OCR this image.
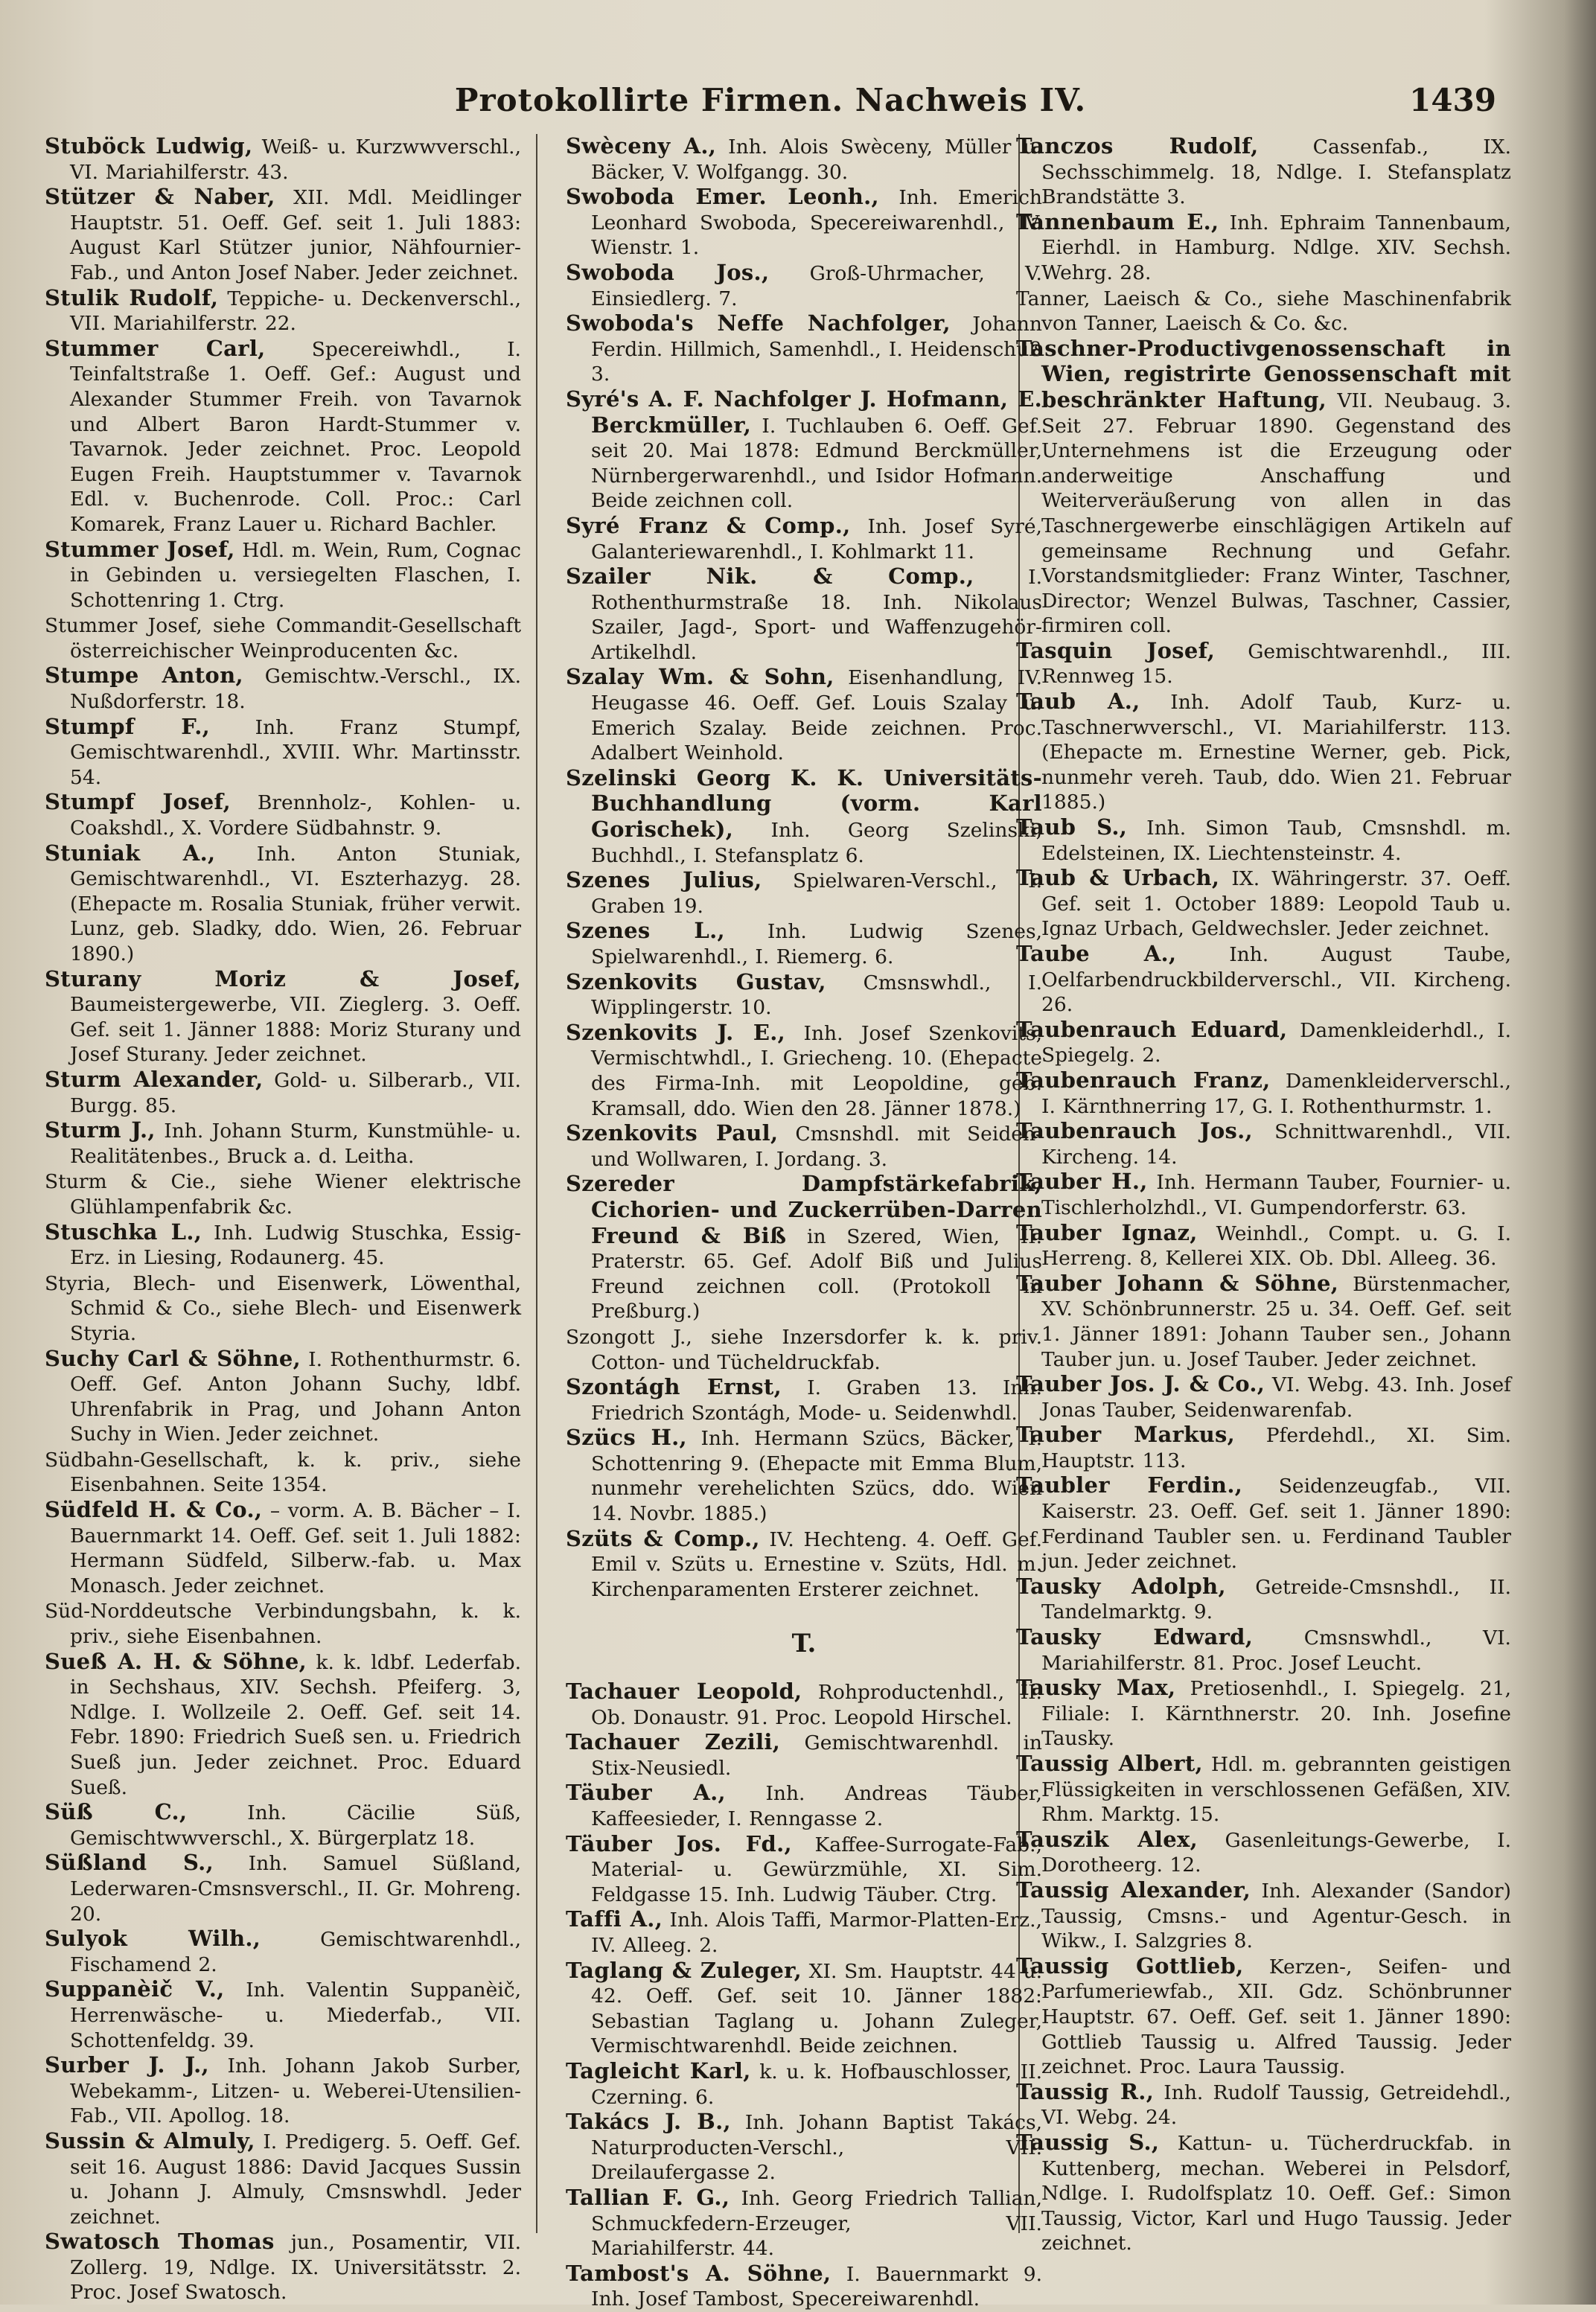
Protokollirte Firmen. Nachweis IV.	1439
Stuböck Ludwig, Weiß- u. Kurzwwverschl., VI. Mariahilferstr. 43.
Stützer & Naber, XII. Mdl. Meidlinger Hauptstr. 51. Oeff. Gef. seit 1. Juli 1883: August Karl Stützer junior, Nähfournier-Fab., und Anton Josef Naber. Jeder zeichnet.
Stulik Rudolf, Teppiche- u. Deckenverschl., VII. Mariahilferstr. 22.
Stummer Carl, Specereiwhdl., I. Teinfaltstraße 1. Oeff. Gef.: August und Alexander Stummer Freih. von Tavarnok und Albert Baron Hardt-Stummer v. Tavarnok. Jeder zeichnet. Proc. Leopold Eugen Freih. Hauptstummer v. Tavarnok Edl. v. Buchenrode. Coll. Proc.: Carl Komarek, Franz Lauer u. Richard Bachler.
Stummer Josef, Hdl. m. Wein, Rum, Cognac in Gebinden u. versiegelten Flaschen, I. Schottenring 1. Ctrg.
Stummer Josef, siehe Commandit-Gesellschaft österreichischer Weinproducenten &c.
Stumpe Anton, Gemischtw.-Verschl., IX. Nußdorferstr. 18.
Stumpf F., Inh. Franz Stumpf, Gemischtwarenhdl., XVIII. Whr. Martinsstr. 54.
Stumpf Josef, Brennholz-, Kohlen- u. Coakshdl., X. Vordere Südbahnstr. 9.
Stuniak A., Inh. Anton Stuniak, Gemischtwarenhdl., VI. Eszterhazyg. 28. (Ehepacte m. Rosalia Stuniak, früher verwit. Lunz, geb. Sladky, ddo. Wien, 26. Februar 1890.)
Sturany Moriz & Josef, Baumeistergewerbe, VII. Zieglerg. 3. Oeff. Gef. seit 1. Jänner 1888: Moriz Sturany und Josef Sturany. Jeder zeichnet.
Sturm Alexander, Gold- u. Silberarb., VII. Burgg. 85.
Sturm J., Inh. Johann Sturm, Kunstmühle- u. Realitätenbes., Bruck a. d. Leitha.
Sturm & Cie., siehe Wiener elektrische Glühlampenfabrik &c.
Stuschka L., Inh. Ludwig Stuschka, Essig-Erz. in Liesing, Rodaunerg. 45.
Styria, Blech- und Eisenwerk, Löwenthal, Schmid & Co., siehe Blech- und Eisenwerk Styria.
Suchy Carl & Söhne, I. Rothenthurmstr. 6. Oeff. Gef. Anton Johann Suchy, ldbf. Uhrenfabrik in Prag, und Johann Anton Suchy in Wien. Jeder zeichnet.
Südbahn-Gesellschaft, k. k. priv., siehe Eisenbahnen. Seite 1354.
Südfeld H. & Co., – vorm. A. B. Bächer – I. Bauernmarkt 14. Oeff. Gef. seit 1. Juli 1882: Hermann Südfeld, Silberw.-fab. u. Max Monasch. Jeder zeichnet.
Süd-Norddeutsche Verbindungsbahn, k. k. priv., siehe Eisenbahnen.
Sueß A. H. & Söhne, k. k. ldbf. Lederfab. in Sechshaus, XIV. Sechsh. Pfeiferg. 3, Ndlge. I. Wollzeile 2. Oeff. Gef. seit 14. Febr. 1890: Friedrich Sueß sen. u. Friedrich Sueß jun. Jeder zeichnet. Proc. Eduard Sueß.
Süß C., Inh. Cäcilie Süß, Gemischtwwverschl., X. Bürgerplatz 18.
Süßland S., Inh. Samuel Süßland, Lederwaren-Cmsnsverschl., II. Gr. Mohreng. 20.
Sulyok Wilh., Gemischtwarenhdl., Fischamend 2.
Suppanèič V., Inh. Valentin Suppanèič, Herrenwäsche- u. Miederfab., VII. Schottenfeldg. 39.
Surber J. J., Inh. Johann Jakob Surber, Webekamm-, Litzen- u. Weberei-Utensilien-Fab., VII. Apollog. 18.
Sussin & Almuly, I. Predigerg. 5. Oeff. Gef. seit 16. August 1886: David Jacques Sussin u. Johann J. Almuly, Cmsnswhdl. Jeder zeichnet.
Swatosch Thomas jun., Posamentir, VII. Zollerg. 19, Ndlge. IX. Universitätsstr. 2. Proc. Josef Swatosch.
Swèceny A., Inh. Alois Swèceny, Müller u. Bäcker, V. Wolfgangg. 30.
Swoboda Emer. Leonh., Inh. Emerich Leonhard Swoboda, Specereiwarenhdl., IV. Wienstr. 1.
Swoboda Jos., Groß-Uhrmacher, V. Einsiedlerg. 7.
Swoboda's Neffe Nachfolger, Johann Ferdin. Hillmich, Samenhdl., I. Heidenschuß 3.
Syré's A. F. Nachfolger J. Hofmann, E. Berckmüller, I. Tuchlauben 6. Oeff. Gef. seit 20. Mai 1878: Edmund Berckmüller, Nürnbergerwarenhdl., und Isidor Hofmann. Beide zeichnen coll.
Syré Franz & Comp., Inh. Josef Syré, Galanteriewarenhdl., I. Kohlmarkt 11.
Szailer Nik. & Comp., I. Rothenthurmstraße 18. Inh. Nikolaus Szailer, Jagd-, Sport- und Waffenzugehör-Artikelhdl.
Szalay Wm. & Sohn, Eisenhandlung, IV. Heugasse 46. Oeff. Gef. Louis Szalay u. Emerich Szalay. Beide zeichnen. Proc. Adalbert Weinhold.
Szelinski Georg K. K. Universitäts-Buchhandlung (vorm. Karl Gorischek), Inh. Georg Szelinski, Buchhdl., I. Stefansplatz 6.
Szenes Julius, Spielwaren-Verschl., I. Graben 19.
Szenes L., Inh. Ludwig Szenes, Spielwarenhdl., I. Riemerg. 6.
Szenkovits Gustav, Cmsnswhdl., I. Wipplingerstr. 10.
Szenkovits J. E., Inh. Josef Szenkovits, Vermischtwhdl., I. Griecheng. 10. (Ehepacte des Firma-Inh. mit Leopoldine, geb. Kramsall, ddo. Wien den 28. Jänner 1878.)
Szenkovits Paul, Cmsnshdl. mit Seiden- und Wollwaren, I. Jordang. 3.
Szereder Dampfstärkefabrik, Cichorien- und Zuckerrüben-Darren Freund & Biß in Szered, Wien, II. Praterstr. 65. Gef. Adolf Biß und Julius Freund zeichnen coll. (Protokoll in Preßburg.)
Szongott J., siehe Inzersdorfer k. k. priv. Cotton- und Tücheldruckfab.
Szontágh Ernst, I. Graben 13. Inh. Friedrich Szontágh, Mode- u. Seidenwhdl.
Szücs H., Inh. Hermann Szücs, Bäcker, I. Schottenring 9. (Ehepacte mit Emma Blum, nunmehr verehelichten Szücs, ddo. Wien 14. Novbr. 1885.)
Szüts & Comp., IV. Hechteng. 4. Oeff. Gef. Emil v. Szüts u. Ernestine v. Szüts, Hdl. m. Kirchenparamenten Ersterer zeichnet.
T.
Tachauer Leopold, Rohproductenhdl., II. Ob. Donaustr. 91. Proc. Leopold Hirschel.
Tachauer Zezili, Gemischtwarenhdl. in Stix-Neusiedl.
Täuber A., Inh. Andreas Täuber, Kaffeesieder, I. Renngasse 2.
Täuber Jos. Fd., Kaffee-Surrogate-Fab., Material- u. Gewürzmühle, XI. Sim. Feldgasse 15. Inh. Ludwig Täuber. Ctrg.
Taffi A., Inh. Alois Taffi, Marmor-Platten-Erz., IV. Alleeg. 2.
Taglang & Zuleger, XI. Sm. Hauptstr. 44 u. 42. Oeff. Gef. seit 10. Jänner 1882: Sebastian Taglang u. Johann Zuleger, Vermischtwarenhdl. Beide zeichnen.
Tagleicht Karl, k. u. k. Hofbauschlosser, II. Czerning. 6.
Takács J. B., Inh. Johann Baptist Takács, Naturproducten-Verschl., VII. Dreilaufergasse 2.
Tallian F. G., Inh. Georg Friedrich Tallian, Schmuckfedern-Erzeuger, VII. Mariahilferstr. 44.
Tambost's A. Söhne, I. Bauernmarkt 9. Inh. Josef Tambost, Specereiwarenhdl.
Tanczos Rudolf, Cassenfab., IX. Sechsschimmelg. 18, Ndlge. I. Stefansplatz Brandstätte 3.
Tannenbaum E., Inh. Ephraim Tannenbaum, Eierhdl. in Hamburg. Ndlge. XIV. Sechsh. Wehrg. 28.
Tanner, Laeisch & Co., siehe Maschinenfabrik von Tanner, Laeisch & Co. &c.
Taschner-Productivgenossenschaft in Wien, registrirte Genossenschaft mit beschränkter Haftung, VII. Neubaug. 3. Seit 27. Februar 1890. Gegenstand des Unternehmens ist die Erzeugung oder anderweitige Anschaffung und Weiterveräußerung von allen in das Taschnergewerbe einschlägigen Artikeln auf gemeinsame Rechnung und Gefahr. Vorstandsmitglieder: Franz Winter, Taschner, Director; Wenzel Bulwas, Taschner, Cassier, firmiren coll.
Tasquin Josef, Gemischtwarenhdl., III. Rennweg 15.
Taub A., Inh. Adolf Taub, Kurz- u. Taschnerwverschl., VI. Mariahilferstr. 113. (Ehepacte m. Ernestine Werner, geb. Pick, nunmehr vereh. Taub, ddo. Wien 21. Februar 1885.)
Taub S., Inh. Simon Taub, Cmsnshdl. m. Edelsteinen, IX. Liechtensteinstr. 4.
Taub & Urbach, IX. Währingerstr. 37. Oeff. Gef. seit 1. October 1889: Leopold Taub u. Ignaz Urbach, Geldwechsler. Jeder zeichnet.
Taube A., Inh. August Taube, Oelfarbendruckbilderverschl., VII. Kircheng. 26.
Taubenrauch Eduard, Damenkleiderhdl., I. Spiegelg. 2.
Taubenrauch Franz, Damenkleiderverschl., I. Kärnthnerring 17, G. I. Rothenthurmstr. 1.
Taubenrauch Jos., Schnittwarenhdl., VII. Kircheng. 14.
Tauber H., Inh. Hermann Tauber, Fournier- u. Tischlerholzhdl., VI. Gumpendorferstr. 63.
Tauber Ignaz, Weinhdl., Compt. u. G. I. Herreng. 8, Kellerei XIX. Ob. Dbl. Alleeg. 36.
Tauber Johann & Söhne, Bürstenmacher, XV. Schönbrunnerstr. 25 u. 34. Oeff. Gef. seit 1. Jänner 1891: Johann Tauber sen., Johann Tauber jun. u. Josef Tauber. Jeder zeichnet.
Tauber Jos. J. & Co., VI. Webg. 43. Inh. Josef Jonas Tauber, Seidenwarenfab.
Tauber Markus, Pferdehdl., XI. Sim. Hauptstr. 113.
Taubler Ferdin., Seidenzeugfab., VII. Kaiserstr. 23. Oeff. Gef. seit 1. Jänner 1890: Ferdinand Taubler sen. u. Ferdinand Taubler jun. Jeder zeichnet.
Tausky Adolph, Getreide-Cmsnshdl., II. Tandelmarktg. 9.
Tausky Edward, Cmsnswhdl., VI. Mariahilferstr. 81. Proc. Josef Leucht.
Tausky Max, Pretiosenhdl., I. Spiegelg. 21, Filiale: I. Kärnthnerstr. 20. Inh. Josefine Tausky.
Taussig Albert, Hdl. m. gebrannten geistigen Flüssigkeiten in verschlossenen Gefäßen, XIV. Rhm. Marktg. 15.
Tauszik Alex, Gasenleitungs-Gewerbe, I. Dorotheerg. 12.
Taussig Alexander, Inh. Alexander (Sandor) Taussig, Cmsns.- und Agentur-Gesch. in Wikw., I. Salzgries 8.
Taussig Gottlieb, Kerzen-, Seifen- und Parfumeriewfab., XII. Gdz. Schönbrunner Hauptstr. 67. Oeff. Gef. seit 1. Jänner 1890: Gottlieb Taussig u. Alfred Taussig. Jeder zeichnet. Proc. Laura Taussig.
Taussig R., Inh. Rudolf Taussig, Getreidehdl., VI. Webg. 24.
Taussig S., Kattun- u. Tücherdruckfab. in Kuttenberg, mechan. Weberei in Pelsdorf, Ndlge. I. Rudolfsplatz 10. Oeff. Gef.: Simon Taussig, Victor, Karl und Hugo Taussig. Jeder zeichnet.
